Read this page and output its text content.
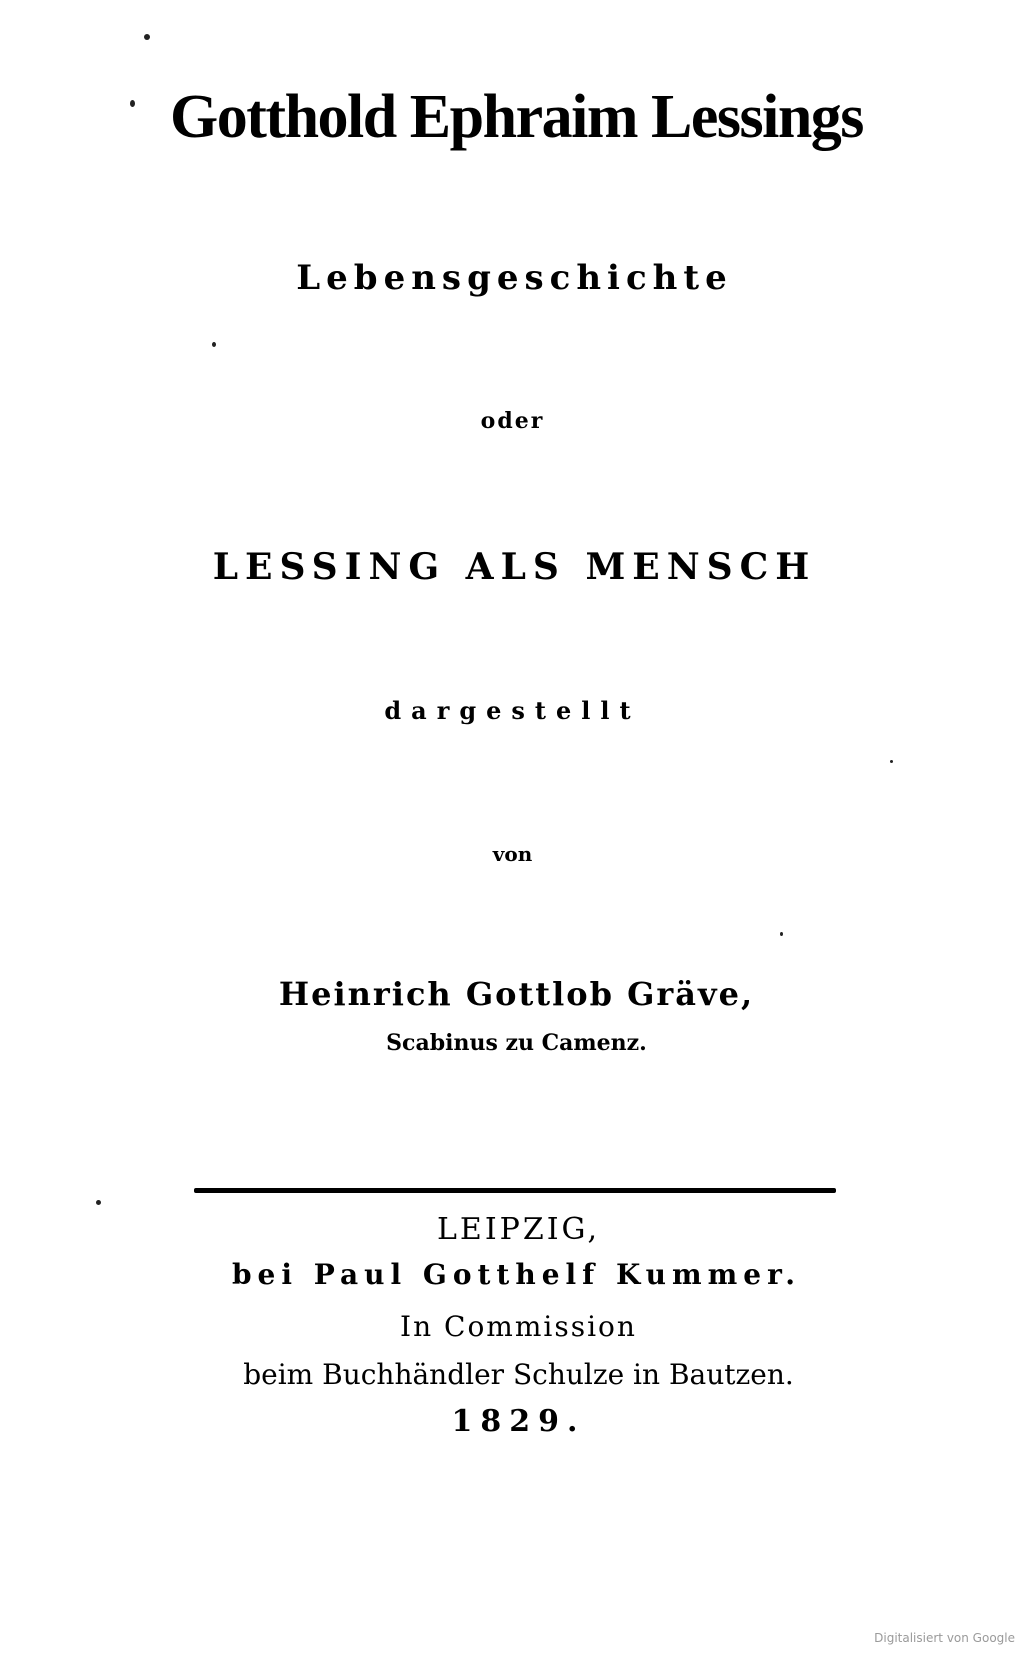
Gotthold Ephraim Lessings
Lebensgeschichte
oder
LESSING ALS MENSCH
dargestellt
von
Heinrich Gottlob Gräve,
Scabinus zu Camenz.
LEIPZIG,
bei Paul Gotthelf Kummer.
In Commission
beim Buchhändler Schulze in Bautzen.
1829.
Digitalisiert von Google
